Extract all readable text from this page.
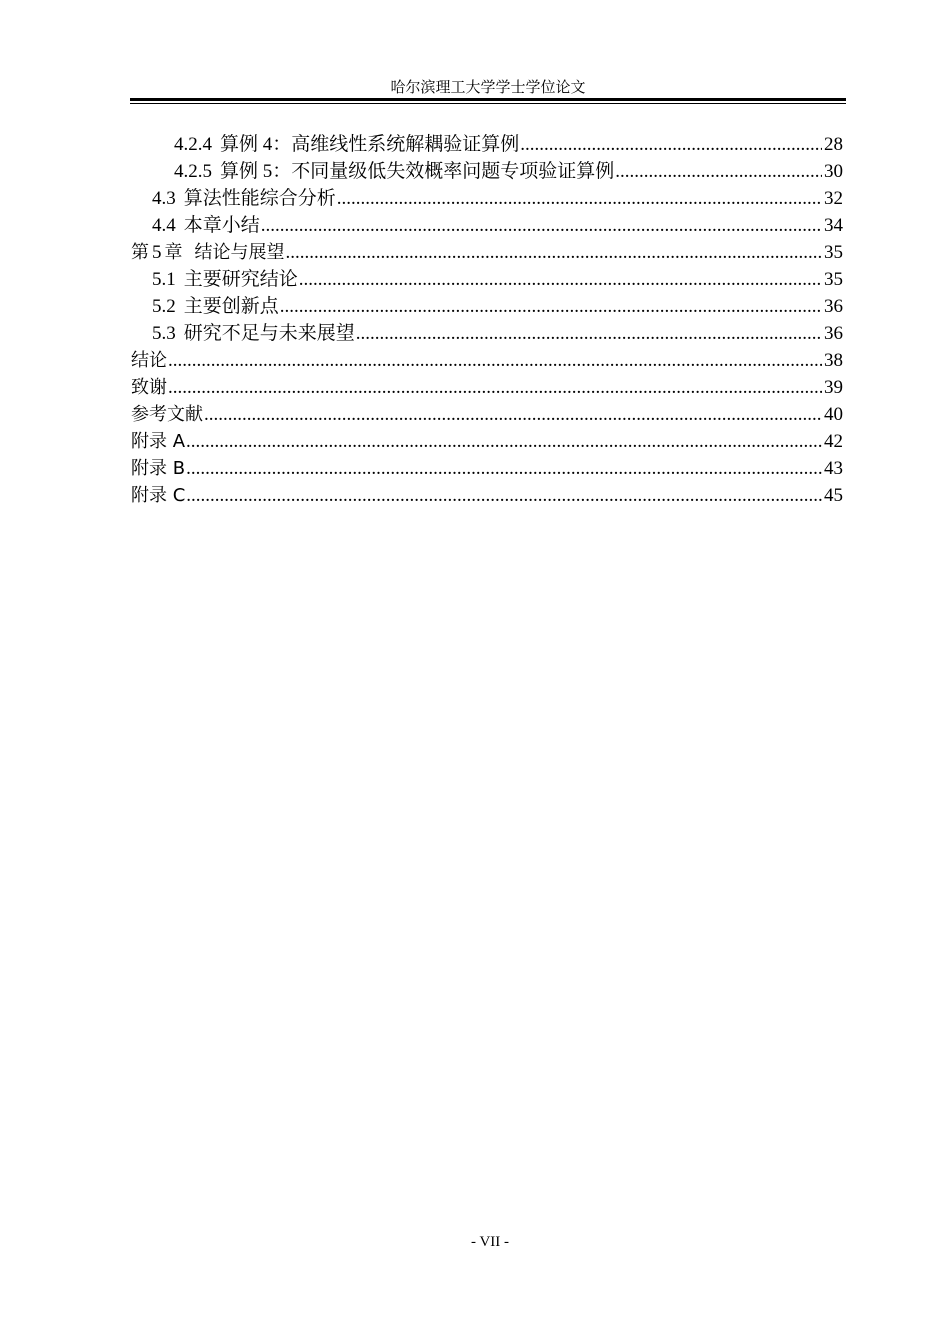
哈尔滨理工大学学士学位论文
4.2.4 算例 4：高维线性系统解耦验证算例 .....	28
4.2.5 算例 5：不同量级低失效概率问题专项验证算例 .....	30
4.3 算法性能综合分析 .....	32
4.4 本章小结 .....	34
第 5 章 结论与展望 .....	35
5.1 主要研究结论 .....	35
5.2 主要创新点 .....	36
5.3 研究不足与未来展望 .....	36
结论 .....	38
致谢 .....	39
参考文献 .....	40
附录 A .....	42
附录 B .....	43
附录 C .....	45
- VII -
